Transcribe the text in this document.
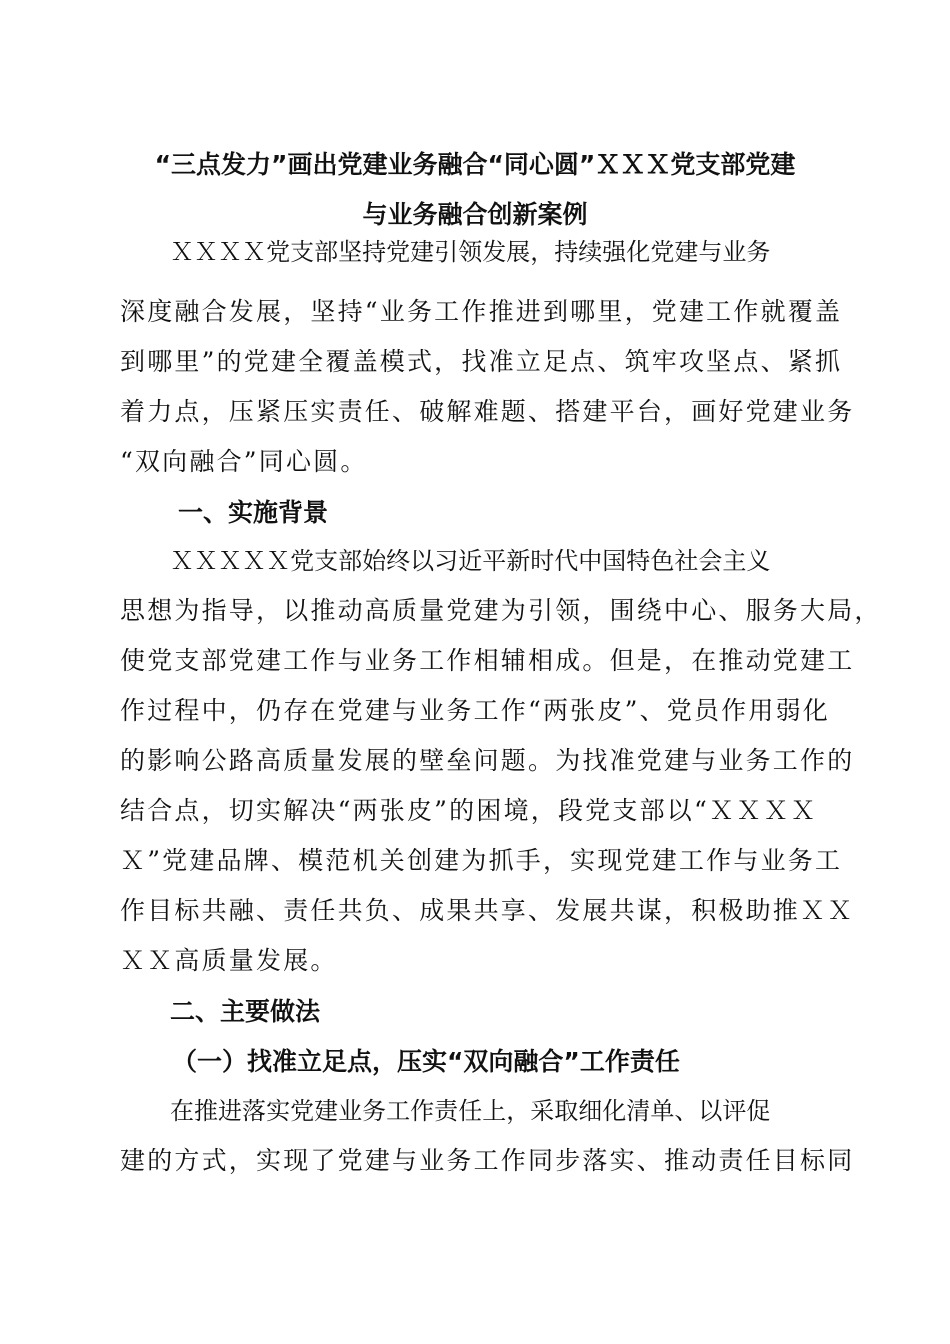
“三点发力”画出党建业务融合“同心圆”ＸＸＸ党支部党建
与业务融合创新案例

ＸＸＸＸ党支部坚持党建引领发展，持续强化党建与业务

深度融合发展，坚持“业务工作推进到哪里，党建工作就覆盖

到哪里”的党建全覆盖模式，找准立足点、筑牢攻坚点、紧抓

着力点，压紧压实责任、破解难题、搭建平台，画好党建业务

“双向融合”同心圆。

一、实施背景

ＸＸＸＸＸ党支部始终以习近平新时代中国特色社会主义

思想为指导，以推动高质量党建为引领，围绕中心、服务大局，

使党支部党建工作与业务工作相辅相成。但是，在推动党建工

作过程中，仍存在党建与业务工作“两张皮”、党员作用弱化

的影响公路高质量发展的壁垒问题。为找准党建与业务工作的

结合点，切实解决“两张皮”的困境，段党支部以“ＸＸＸＸ

Ｘ”党建品牌、模范机关创建为抓手，实现党建工作与业务工

作目标共融、责任共负、成果共享、发展共谋，积极助推ＸＸ

ＸＸ高质量发展。

二、主要做法
（一）找准立足点，压实“双向融合”工作责任

在推进落实党建业务工作责任上，采取细化清单、以评促

建的方式，实现了党建与业务工作同步落实、推动责任目标同
